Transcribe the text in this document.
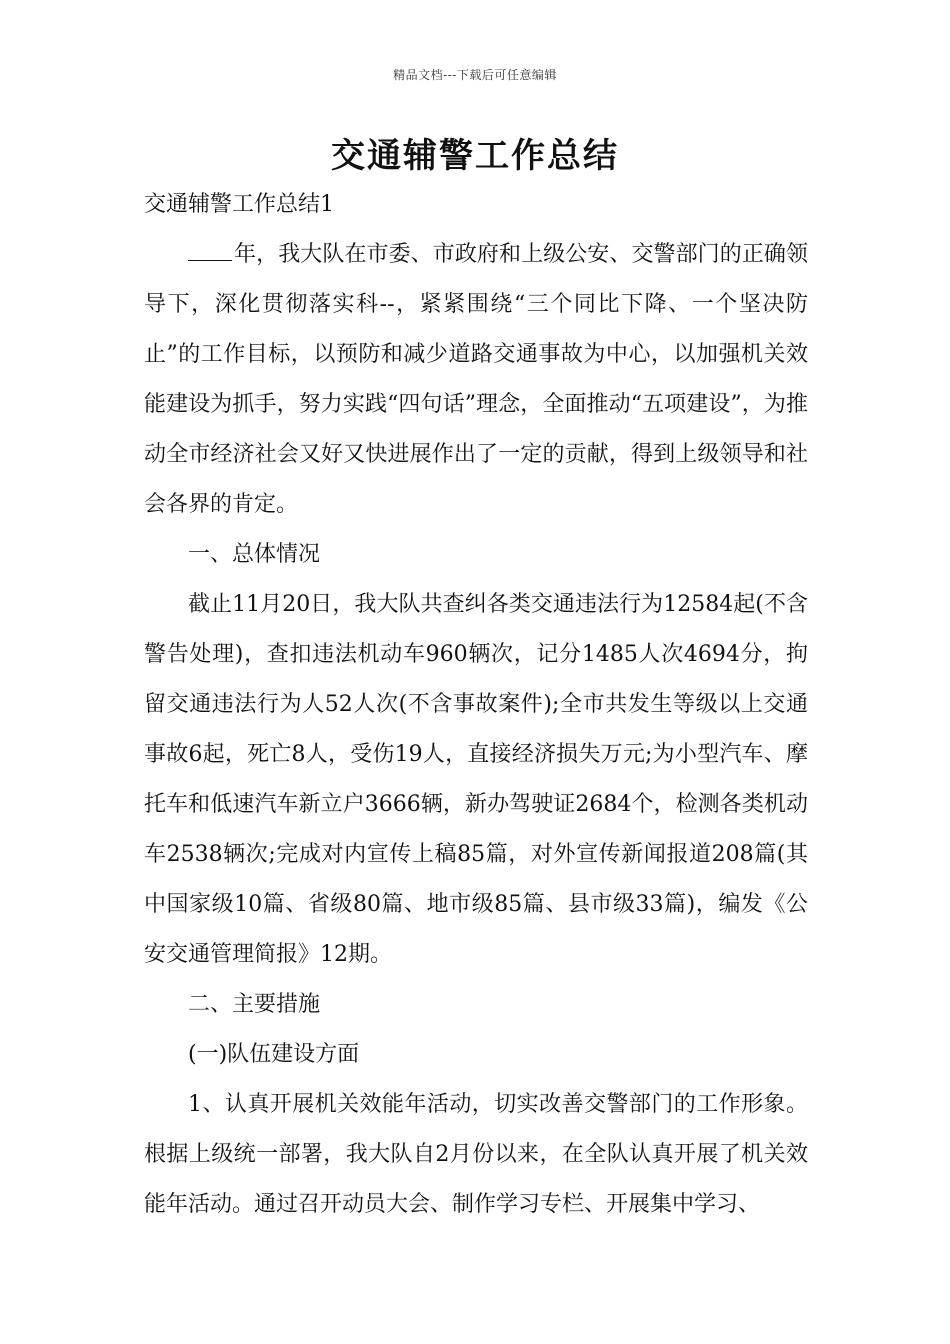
精品文档---下载后可任意编辑
交通辅警工作总结

交通辅警工作总结1

年，我大队在市委、市政府和上级公安、交警部门的正确领导下，深化贯彻落实科--，紧紧围绕“三个同比下降、一个坚决防止”的工作目标，以预防和减少道路交通事故为中心，以加强机关效能建设为抓手，努力实践“四句话”理念，全面推动“五项建设”，为推动全市经济社会又好又快进展作出了一定的贡献，得到上级领导和社会各界的肯定。

一、总体情况

截止11月20日，我大队共查纠各类交通违法行为12584起(不含警告处理)，查扣违法机动车960辆次，记分1485人次4694分，拘留交通违法行为人52人次(不含事故案件);全市共发生等级以上交通事故6起，死亡8人，受伤19人，直接经济损失万元;为小型汽车、摩托车和低速汽车新立户3666辆，新办驾驶证2684个，检测各类机动车2538辆次;完成对内宣传上稿85篇，对外宣传新闻报道208篇(其中国家级10篇、省级80篇、地市级85篇、县市级33篇)，编发《公安交通管理简报》12期。

二、主要措施

(一)队伍建设方面

1、认真开展机关效能年活动，切实改善交警部门的工作形象。根据上级统一部署，我大队自2月份以来，在全队认真开展了机关效能年活动。通过召开动员大会、制作学习专栏、开展集中学习、
